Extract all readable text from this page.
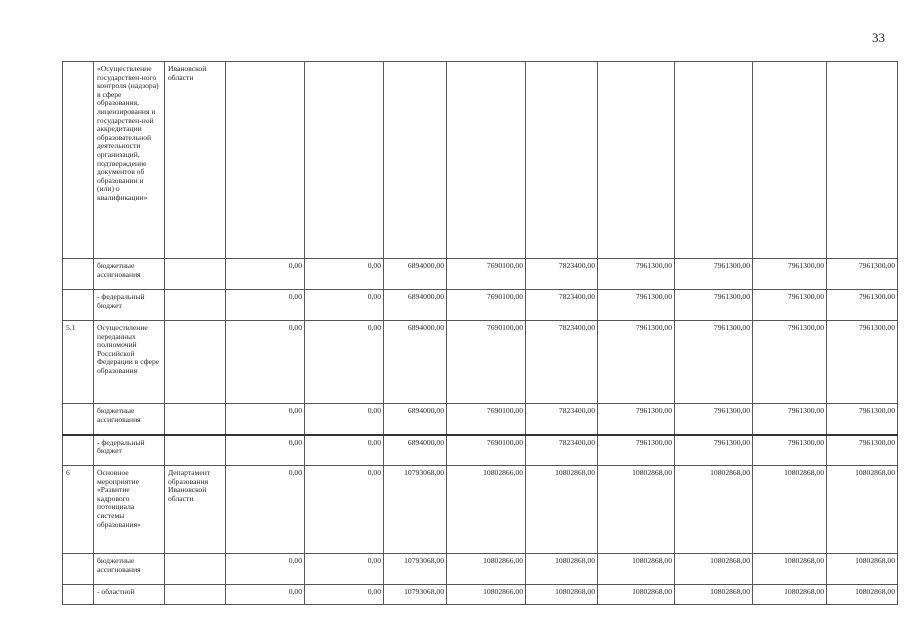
33
	«Осуществление государствен-ного контроля (надзора) в сфере образования, лицензирования и государствен-ной аккредитации образовательной деятельности организаций, подтверждение документов об образовании и (или) о квалификации»	Ивановской области									
	бюджетные ассигнования		0,00	0,00	6894000,00	7690100,00	7823400,00	7961300,00	7961300,00	7961300,00	7961300,00
	- федеральный бюджет		0,00	0,00	6894000,00	7690100,00	7823400,00	7961300,00	7961300,00	7961300,00	7961300,00
5.1	Осуществление переданных полномочий Российской Федерации в сфере образования		0,00	0,00	6894000,00	7690100,00	7823400,00	7961300,00	7961300,00	7961300,00	7961300,00
	бюджетные ассигнования		0,00	0,00	6894000,00	7690100,00	7823400,00	7961300,00	7961300,00	7961300,00	7961300,00
	- федеральный бюджет		0,00	0,00	6894000,00	7690100,00	7823400,00	7961300,00	7961300,00	7961300,00	7961300,00
6	Основное мероприятие «Развитие кадрового потенциала системы образования»	Департамент образования Ивановской области	0,00	0,00	10793068,00	10802866,00	10802868,00	10802868,00	10802868,00	10802868,00	10802868,00
	бюджетные ассигнования		0,00	0,00	10793068,00	10802866,00	10802868,00	10802868,00	10802868,00	10802868,00	10802868,00
	- областной		0,00	0,00	10793068,00	10802866,00	10802868,00	10802868,00	10802868,00	10802868,00	10802868,00
